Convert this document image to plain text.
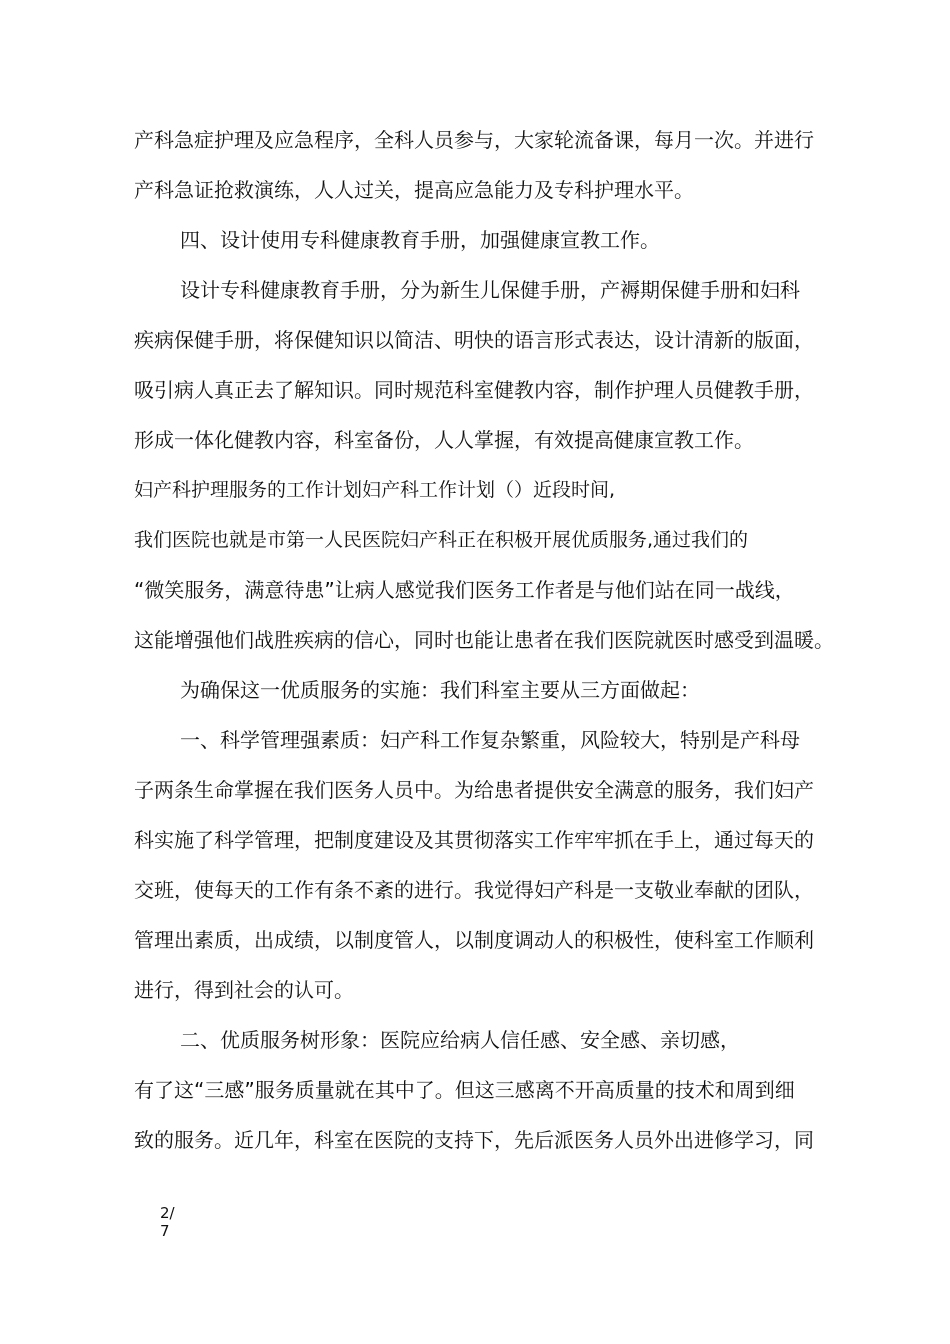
产科急症护理及应急程序，全科人员参与，大家轮流备课，每月一次。并进行
产科急证抢救演练，人人过关，提高应急能力及专科护理水平。
四、设计使用专科健康教育手册，加强健康宣教工作。
设计专科健康教育手册，分为新生儿保健手册，产褥期保健手册和妇科
疾病保健手册，将保健知识以简洁、明快的语言形式表达，设计清新的版面，
吸引病人真正去了解知识。同时规范科室健教内容，制作护理人员健教手册，
形成一体化健教内容，科室备份，人人掌握，有效提高健康宣教工作。
妇产科护理服务的工作计划妇产科工作计划（）近段时间,
我们医院也就是市第一人民医院妇产科正在积极开展优质服务,通过我们的
“微笑服务，满意待患”让病人感觉我们医务工作者是与他们站在同一战线，
这能增强他们战胜疾病的信心，同时也能让患者在我们医院就医时感受到温暖。
为确保这一优质服务的实施：我们科室主要从三方面做起：
一、科学管理强素质：妇产科工作复杂繁重，风险较大，特别是产科母
子两条生命掌握在我们医务人员中。为给患者提供安全满意的服务，我们妇产
科实施了科学管理，把制度建设及其贯彻落实工作牢牢抓在手上，通过每天的
交班，使每天的工作有条不紊的进行。我觉得妇产科是一支敬业奉献的团队，
管理出素质，出成绩，以制度管人，以制度调动人的积极性，使科室工作顺利
进行，得到社会的认可。
二、优质服务树形象：医院应给病人信任感、安全感、亲切感，
有了这“三感”服务质量就在其中了。但这三感离不开高质量的技术和周到细
致的服务。近几年，科室在医院的支持下，先后派医务人员外出进修学习，同
2/
7
